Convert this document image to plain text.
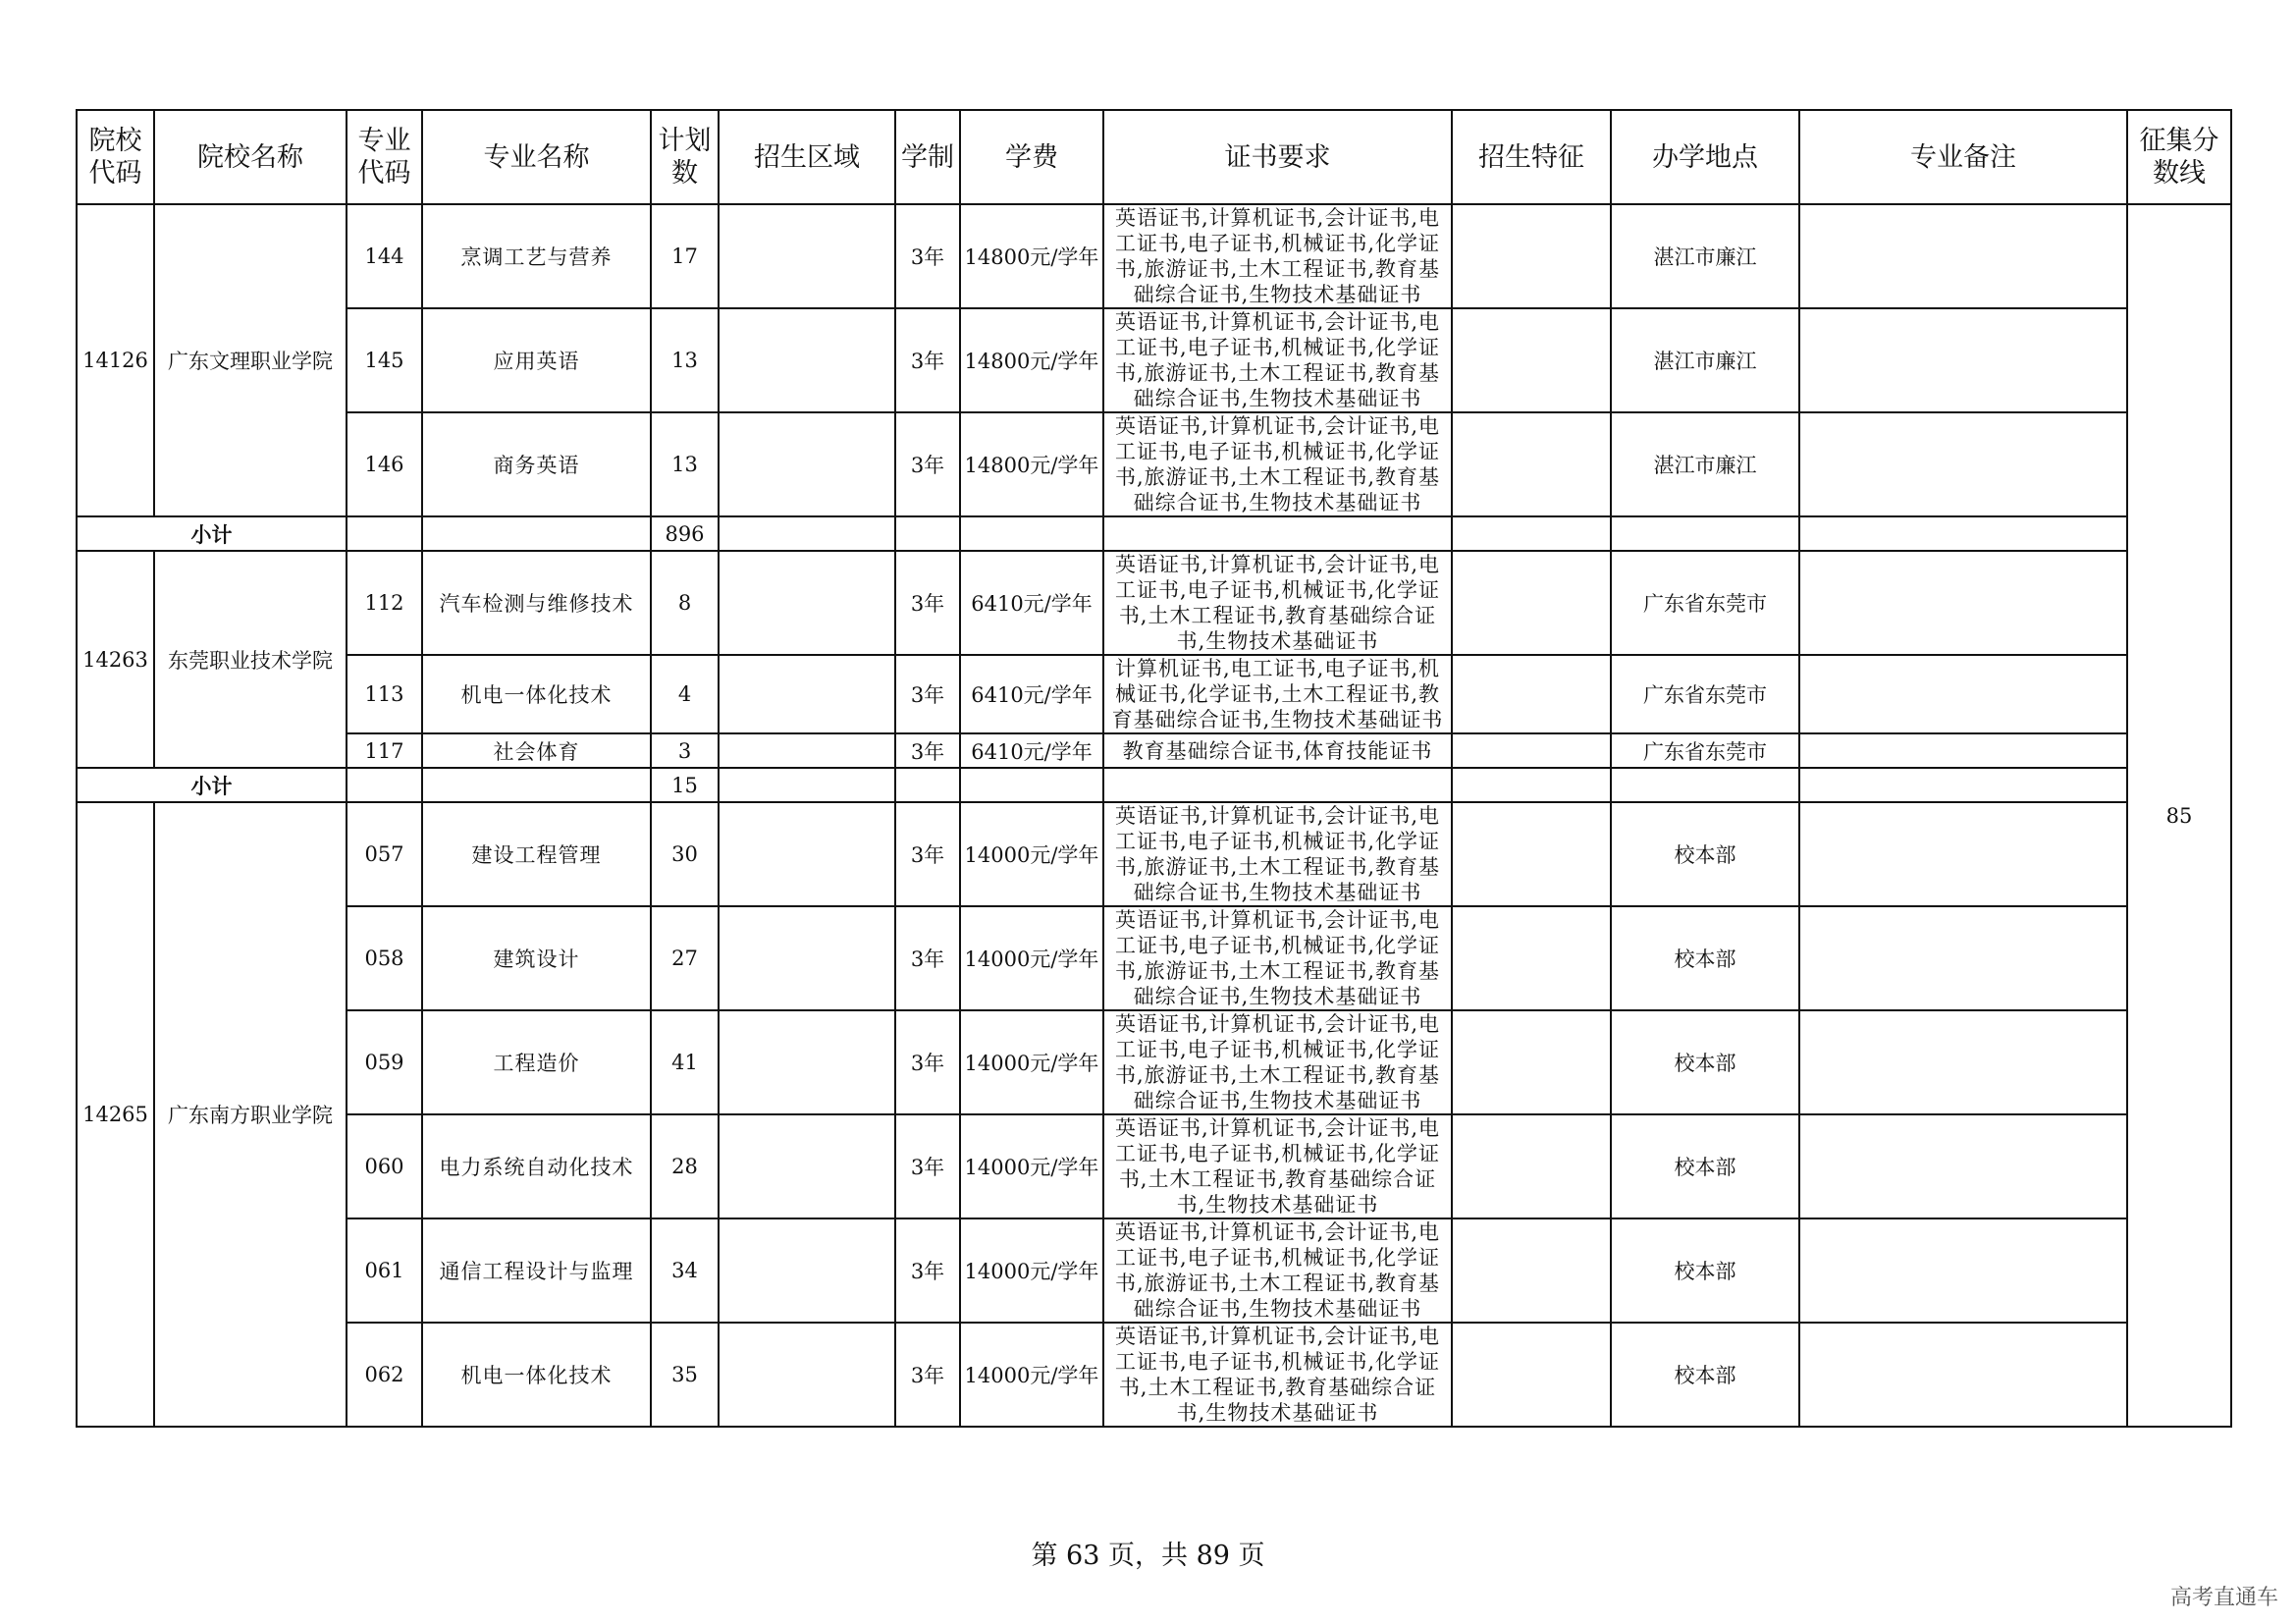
院校代码	院校名称	专业代码	专业名称	计划数	招生区域	学制	学费	证书要求	招生特征	办学地点	专业备注	征集分数线
14126	广东文理职业学院	144	烹调工艺与营养	17		3年	14800元/学年	英语证书,计算机证书,会计证书,电工证书,电子证书,机械证书,化学证书,旅游证书,土木工程证书,教育基础综合证书,生物技术基础证书		湛江市廉江		85
		145	应用英语	13		3年	14800元/学年	英语证书,计算机证书,会计证书,电工证书,电子证书,机械证书,化学证书,旅游证书,土木工程证书,教育基础综合证书,生物技术基础证书		湛江市廉江		
		146	商务英语	13		3年	14800元/学年	英语证书,计算机证书,会计证书,电工证书,电子证书,机械证书,化学证书,旅游证书,土木工程证书,教育基础综合证书,生物技术基础证书		湛江市廉江		
小计				896								
14263	东莞职业技术学院	112	汽车检测与维修技术	8		3年	6410元/学年	英语证书,计算机证书,会计证书,电工证书,电子证书,机械证书,化学证书,土木工程证书,教育基础综合证书,生物技术基础证书		广东省东莞市		
		113	机电一体化技术	4		3年	6410元/学年	计算机证书,电工证书,电子证书,机械证书,化学证书,土木工程证书,教育基础综合证书,生物技术基础证书		广东省东莞市		
		117	社会体育	3		3年	6410元/学年	教育基础综合证书,体育技能证书		广东省东莞市		
小计				15								
14265	广东南方职业学院	057	建设工程管理	30		3年	14000元/学年	英语证书,计算机证书,会计证书,电工证书,电子证书,机械证书,化学证书,旅游证书,土木工程证书,教育基础综合证书,生物技术基础证书		校本部		
		058	建筑设计	27		3年	14000元/学年	英语证书,计算机证书,会计证书,电工证书,电子证书,机械证书,化学证书,旅游证书,土木工程证书,教育基础综合证书,生物技术基础证书		校本部		
		059	工程造价	41		3年	14000元/学年	英语证书,计算机证书,会计证书,电工证书,电子证书,机械证书,化学证书,旅游证书,土木工程证书,教育基础综合证书,生物技术基础证书		校本部		
		060	电力系统自动化技术	28		3年	14000元/学年	英语证书,计算机证书,会计证书,电工证书,电子证书,机械证书,化学证书,土木工程证书,教育基础综合证书,生物技术基础证书		校本部		
		061	通信工程设计与监理	34		3年	14000元/学年	英语证书,计算机证书,会计证书,电工证书,电子证书,机械证书,化学证书,旅游证书,土木工程证书,教育基础综合证书,生物技术基础证书		校本部		
		062	机电一体化技术	35		3年	14000元/学年	英语证书,计算机证书,会计证书,电工证书,电子证书,机械证书,化学证书,土木工程证书,教育基础综合证书,生物技术基础证书		校本部		
第 63 页，共 89 页
高考直通车
